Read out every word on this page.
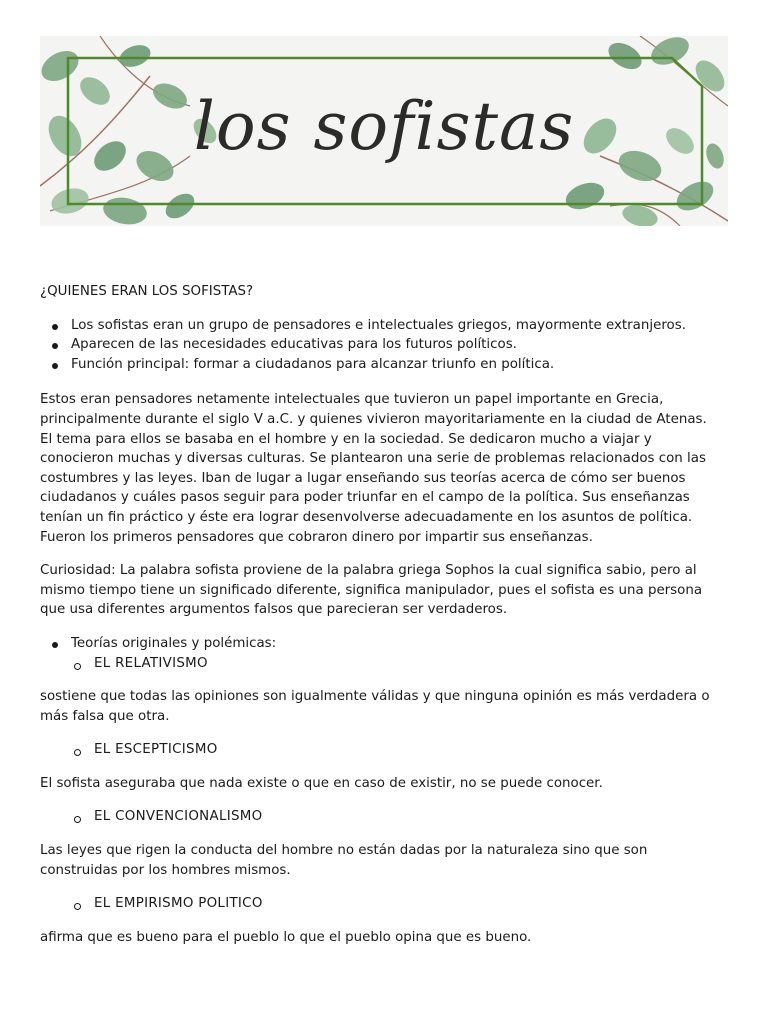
los sofistas

¿QUIENES ERAN LOS SOFISTAS?

Los sofistas eran un grupo de pensadores e intelectuales griegos, mayormente extranjeros.
Aparecen de las necesidades educativas para los futuros políticos.
Función principal: formar a ciudadanos para alcanzar triunfo en política.

Estos eran pensadores netamente intelectuales que tuvieron un papel importante en Grecia,

principalmente durante el siglo V a.C. y quienes vivieron mayoritariamente en la ciudad de Atenas.

El tema para ellos se basaba en el hombre y en la sociedad. Se dedicaron mucho a viajar y

conocieron muchas y diversas culturas. Se plantearon una serie de problemas relacionados con las

costumbres y las leyes. Iban de lugar a lugar enseñando sus teorías acerca de cómo ser buenos

ciudadanos y cuáles pasos seguir para poder triunfar en el campo de la política. Sus enseñanzas

tenían un fin práctico y éste era lograr desenvolverse adecuadamente en los asuntos de política.

Fueron los primeros pensadores que cobraron dinero por impartir sus enseñanzas.

Curiosidad: La palabra sofista proviene de la palabra griega Sophos la cual significa sabio, pero al

mismo tiempo tiene un significado diferente, significa manipulador, pues el sofista es una persona

que usa diferentes argumentos falsos que parecieran ser verdaderos.

Teorías originales y polémicas:
EL RELATIVISMO

sostiene que todas las opiniones son igualmente válidas y que ninguna opinión es más verdadera o

más falsa que otra.

EL ESCEPTICISMO

El sofista aseguraba que nada existe o que en caso de existir, no se puede conocer.

EL CONVENCIONALISMO

Las leyes que rigen la conducta del hombre no están dadas por la naturaleza sino que son

construidas por los hombres mismos.

EL EMPIRISMO POLITICO

afirma que es bueno para el pueblo lo que el pueblo opina que es bueno.
